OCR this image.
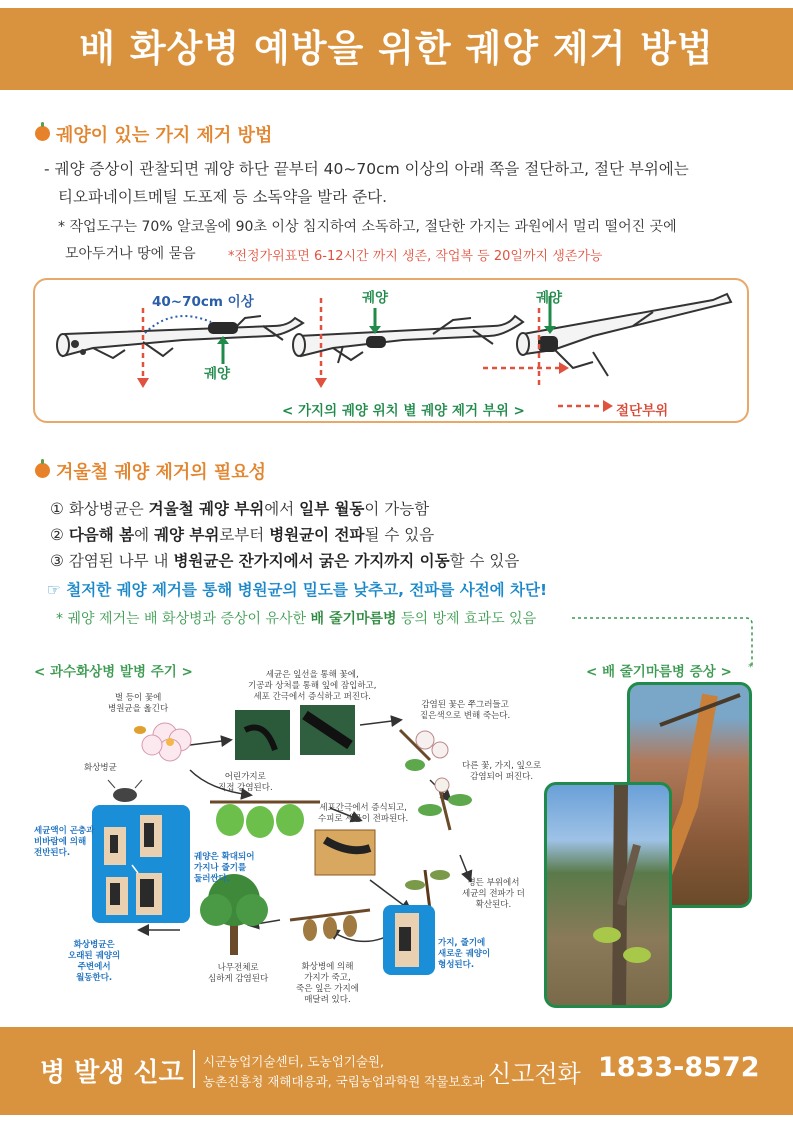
배 화상병 예방을 위한 궤양 제거 방법
궤양이 있는 가지 제거 방법
- 궤양 증상이 관찰되면 궤양 하단 끝부터 40~70cm 이상의 아래 쪽을 절단하고, 절단 부위에는
티오파네이트메틸 도포제 등 소독약을 발라 준다.
* 작업도구는 70% 알코올에 90초 이상 침지하여 소독하고, 절단한 가지는 과원에서 멀리 떨어진 곳에
모아두거나 땅에 묻음 *전정가위표면 6-12시간 까지 생존, 작업복 등 20일까지 생존가능
40~70cm 이상
궤양
궤양	궤양
< 가지의 궤양 위치 별 궤양 제거 부위 >	절단부위
겨울철 궤양 제거의 필요성
① 화상병균은 겨울철 궤양 부위에서 일부 월동이 가능함
② 다음해 봄에 궤양 부위로부터 병원균이 전파될 수 있음
③ 감염된 나무 내 병원균은 잔가지에서 굵은 가지까지 이동할 수 있음
☞ 철저한 궤양 제거를 통해 병원균의 밀도를 낮추고, 전파를 사전에 차단!
* 궤양 제거는 배 화상병과 증상이 유사한 배 줄기마름병 등의 방제 효과도 있음
*
< 과수화상병 발병 주기 >	< 배 줄기마름병 증상 >
벌 등이 꽃에
병원균을 옮긴다
화상병균
세균은 잎선을 통해 꽃에,
기공과 상처를 통해 잎에 잠입하고,
세포 간극에서 증식하고 퍼진다.
감염된 꽃은 쭈그러들고
짙은색으로 변해 죽는다.
다른 꽃, 가지, 잎으로
감염되어 퍼진다.
어린가지로
직접 감염된다.
세포간극에서 증식되고,
수피로 세균이 전파된다.
세균액이 곤충과
비바람에 의해
전반된다.	궤양은 확대되어
가지나 줄기를
둘러싼다.	병든 부위에서
세균의 전파가 더
확산된다.
화상병균은
오래된 궤양의
주변에서
월동한다.
나무전체로
심하게 감염된다
화상병에 의해
가지가 죽고,
죽은 잎은 가지에
매달려 있다.
가지, 줄기에
새로운 궤양이
형성된다.
병 발생 신고 시군농업기술센터, 도농업기술원,
농촌진흥청 재해대응과, 국립농업과학원 작물보호과 신고전화 1833-8572
